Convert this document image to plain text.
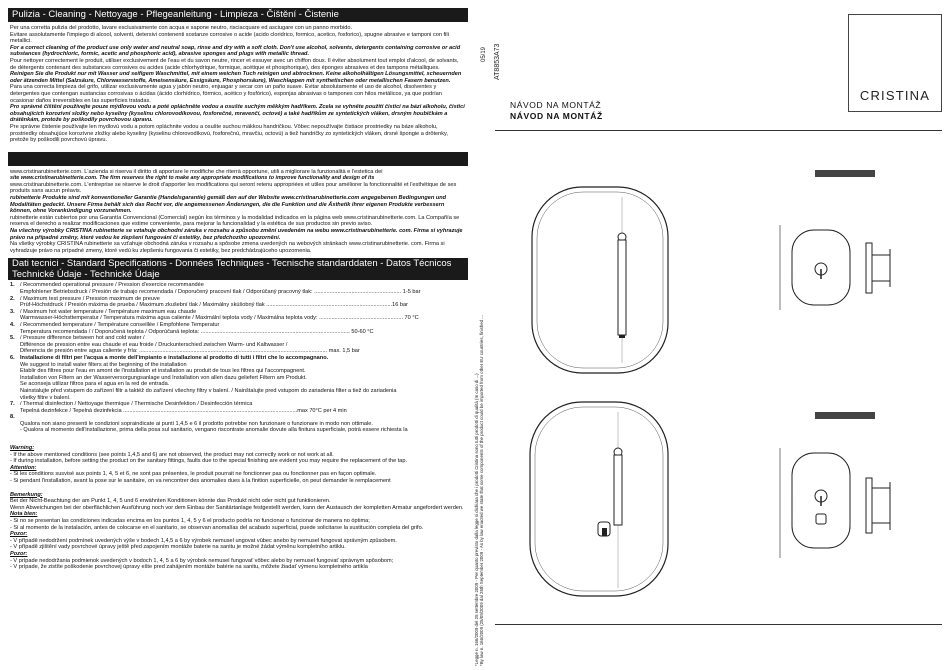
Pulizia - Cleaning - Nettoyage - Pflegeanleitung - Limpieza - Čištění - Čistenie

Per una corretta pulizia del prodotto, lavare esclusivamente con acqua e sapone neutro, risciacquare ed asciugare con un panno morbido.

Evitare assolutamente l'impiego di alcool, solventi, detersivi contenenti sostanze corrosive o acide (acido cloridrico, formico, acetico, fosforico), spugne abrasive e tamponi con fili metallici.

For a correct cleaning of the product use only water and neutral soap, rinse and dry with a soft cloth. Don't use alcohol, solvents, detergents containing corrosive or acid substances (hydrochloric, formic, acetic and phosphoric acid), abrasive sponges and plugs with metallic thread.

Pour nettoyer correctement le produit, utiliser exclusivement de l'eau et du savon neutre, rincer et essuyer avec un chiffon doux. Il éviter absolument tout emploi d'alcool, de solvants, de détergents contenant des substances corrosives ou acides (acide chlorhydrique, formique, acétique et phosphorique), des éponges abrasives et des tampons métalliques.

Reinigen Sie die Produkt nur mit Wasser und seifigem Waschmittel, mit einem weichen Tuch reinigen und abtrocknen. Keine alkoholhältigen Lösungsmittel, scheuernden oder ätzenden Mittel (Salzsäure, Chlorwasserstoffe, Ameisensäure, Essigsäure, Phosphorsäure), Waschlappen mit synthetischen oder metallischen Fasern benutzen.

Para una correcta limpieza del grifo, utilizar exclusivamente agua y jabón neutro, enjuagar y secar con un paño suave. Evitar absolutamente el uso de alcohol, disolventes y detergentes que contengan sustancias corrosivas o ácidas (ácido clorhídrico, fórmico, acético y fosfórico), esponjas abrasivas o tampones con hilos metálicos, ya que podrían ocasionar daños irreversibles en las superficies tratadas.

Pro správné čištění používejte pouze mýdlovou vodu a poté opláchněte vodou a osušte suchým měkkým hadříkem. Zcela se vyhněte použití čisticí na bázi alkoholu, čisticí obsahujících korozivní složky nebo kyseliny (kyselinu chlorovodíkovou, fosforečné, mravenčí, octové) a také hadříkům ze syntetických vláken, drsným houbičkám a drátěnkám, protože by poškodily povrchovou úpravu.

Pre správne čistenie používajte len mydlovú vodu a potom opláchnite vodou a osušte suchou mäkkou handričkou. Vôbec nepoužívajte čistiace prostriedky na báze alkoholu, prostriedky obsahujúce korozívne zložky alebo kyseliny (kyselinu chlorovodíkovú, fosforečnú, mravčiu, octovú) a tiež handričky zo syntetických vláken, drsné špongie a drôtenky, pretože by poškodili povrchovú úpravu.

www.cristinarubinetterie.com. L'azienda si riserva il diritto di apportare le modifiche che riterrà opportune, utili a migliorare la funzionalità e l'estetica dei

site www.cristinarubinetterie.com. The firm reserves the right to make any appropriate modifications to improve functionality and design of its

www.cristinarubinetterie.com. L'entreprise se réserve le droit d'apporter les modifications qui seront retenu appropriées et utiles pour améliorer la fonctionnalité et l'esthétique de ses produits sans aucun préavis.

rubinetterie Produkte sind mit konventioneller Garantie (Handelsgarantie) gemäß den auf der Website www.cristinarubinetterie.com angegebenen Bedingungen und Modalitäten gedeckt. Unsere Firma behält sich das Recht vor, die angemessenen Änderungen, die die Funktion und die Ästhetik ihrer eigenen Produkte verbessern können, ohne Vorankündigung vorzunehmen.

rubinetterie están cubiertos por una Garantía Convencional (Comercial) según los términos y la modalidad indicados en la página web www.cristinarubinetterie.com. La Compañía se reserva el derecho a realizar modificaciones que estime conveniente, para mejorar la funcionalidad y la estética de sus productos sin previo aviso.

Na všechny výrobky CRISTINA rubinetterie se vztahuje obchodní záruka v rozsahu a způsobu změní uvedeném na webu www.cristinarubinetterie. com. Firma si vyhrazuje právo na případné změny, které vedou ke zlepšení fungování či estetiky, bez předchozího upozornění.

Na všetky výrobky CRISTINA rubinetterie sa vzťahuje obchodná záruka v rozsahu a spôsobe zmena uvedených na webových stránkach www.cristinarubinetterie. com. Firma si vyhradzuje právo na prípadné zmeny, ktoré vedú ku zlepšeniu fungovania či estetiky, bez predchádzajúceho upozornenia.

Dati tecnici - Standard Specifications - Données Techniques - Tecnische standarddaten - Datos Técnicos
Technické Údaje - Technické Údaje
1. / Recommended operational pressure / Pression d'exercice recommandée
Empfohlener Betriebsdruck / Presión de trabajo recomendada / Doporučený pracovní tlak / Odporúčaný pracovný tlak: ........................................................ 1-5 bar
2. / Maximum test pressure / Pression maximum de preuve
Prüf-Höchstdruck / Presión máxima de prueba / Maximum zkušební tlak / Maximálny skúšobný tlak .................................................................................16 bar
3. / Maximum hot water temperature / Température maximum eau chaude
Warmwasser-Höchsttemperatur / Temperatura máxima agua caliente / Maximální teplota vody / Maximálna teplota vody: ...................................................... 70 °C
4. / Recommended temperature / Température conseillée / Empfohlene Temperatur
Temperatura recomendada / / Doporučená teplota / Odporúčaná teplota: ................................................................................................ 50-60 °C
5. / Pressure difference between hot and cold water /
Différence de pression entre eau chaude et eau froide / Druckunterschied zwischen Warm- und Kaltwasser /
Diferencia de presión entre agua caliente y fría: ......................................................................................................................... max. 1,5 bar
6. Installazione di filtri per l'acqua a monte dell'impianto e installazione al prodotto di tutti i filtri che lo accompagnano.
We suggest to install water filters at the beginning of the installation
Etablir des filtres pour l'eau en amont de l'installation et installation au produit de tous les filtres qui l'accompagnent.
Installation von Filtern an der Wasserversorgungsanlage und Installation von allen dazu geliefert Filtern am Produkt.
Se aconseja utilizar filtros para el agua en la red de entrada.
Nainstalujte před vstupem do zařízení filtr a taktéž do zařízení všechny filtry v balení. / Nainštalujte pred vstupom do zariadenia filter a tiež do zariadenia
všetky filtre v balení.
7. / Thermal disinfection / Nettoyage thermique / Thermische Desinfektion / Desinfección térmica
Tepelná dezinfekce / Tepelná dezinfekcia ................................................................................................................max 70°C per 4 min
8.
Qualora non siano presenti le condizioni sopraindicate ai punti 1,4,5 e 6 il prodotto potrebbe non funzionare o funzionare in modo non ottimale.
- Qualora al momento dell'installazione, prima della posa sul sanitario, vengano riscontrate anomalie dovute alla finitura superficiale, potrà essere richiesta la
Warning:
- If the above mentioned conditions (see points 1,4,5 and 6) are not observed, the product may not correctly work or not work at all.
- If during installation, before setting the product on the sanitary fittings, faults due to the special finishing are evident you may require the replacement of the tap.
Attention:
- Si les conditions susvisé aux points 1, 4, 5 et 6, ne sont pas présentes, le produit pourrait ne fonctionner pas ou fonctionner pas en façon optimale.
- Si pendant l'installation, avant la pose sur le sanitaire, on va rencontrer des anomalies dues à la finition superficielle, on peut demander le remplacement
Bemerkung:
Bei der Nicht-Beachtung der am Punkt 1, 4, 5 und 6 erwähnten Konditionen könnte das Produkt nicht oder nicht gut funktionieren.
Wenn Abweichungen bei der oberflächlichen Ausführung noch vor dem Einbau der Sanitärtanlage festgestellt werden, kann der Austausch der kompletten Armatur angefordert werden.
Nota bien:
- Si no se presentan las condiciones indicadas encima en los puntos 1, 4, 5 y 6 el producto podría no funcionar o funcionar de manera no óptima;
- Si al momento de la instalación, antes de colocarse en el sanitario, se observan anomalías del acabado superficial, puede solicitarse la sustitución completa del grifo.
Pozor:
- V případě nedodržení podmínek uvedených výše v bodech 1,4,5 a 6 by výrobek nemusel ungovat vůbec anebo by nemusel fungovat správným způsobem.
- V případě zjištění vady povrchové úpravy ještě před zapojením montáže baterie na sanitu je možné žádat výměnu kompletního artiklu.
Pozor:
- V prípade nedodržania podmienok uvedených v bodoch 1, 4, 5 a 6 by výrobok nemusel fungovať vôbec alebo by nemusel fungovať správnym spôsobom;
- V prípade, že zistíte poškodenie povrchovej úpravy ešte pred zahájením montáže batérie na sanitu, môžete žiadať výmenu kompletného artikla
AT8853A73
05/19
*Legge n. 166/2009 del 25 settembre 2009 - Per quanto previsto dalla legge si dichiara che i prodotti Cristina sono tutti prodotti di qualità (In caso di ...) *By law n. 166/2009 (25/09/2009 dal 25th September 2009 - As by law enacted we state that some components of the product could be imported from other EU countries, finished ...
NÁVOD NA MONTÁŽ
NÁVOD NA MONTÁŽ
CRISTINA
